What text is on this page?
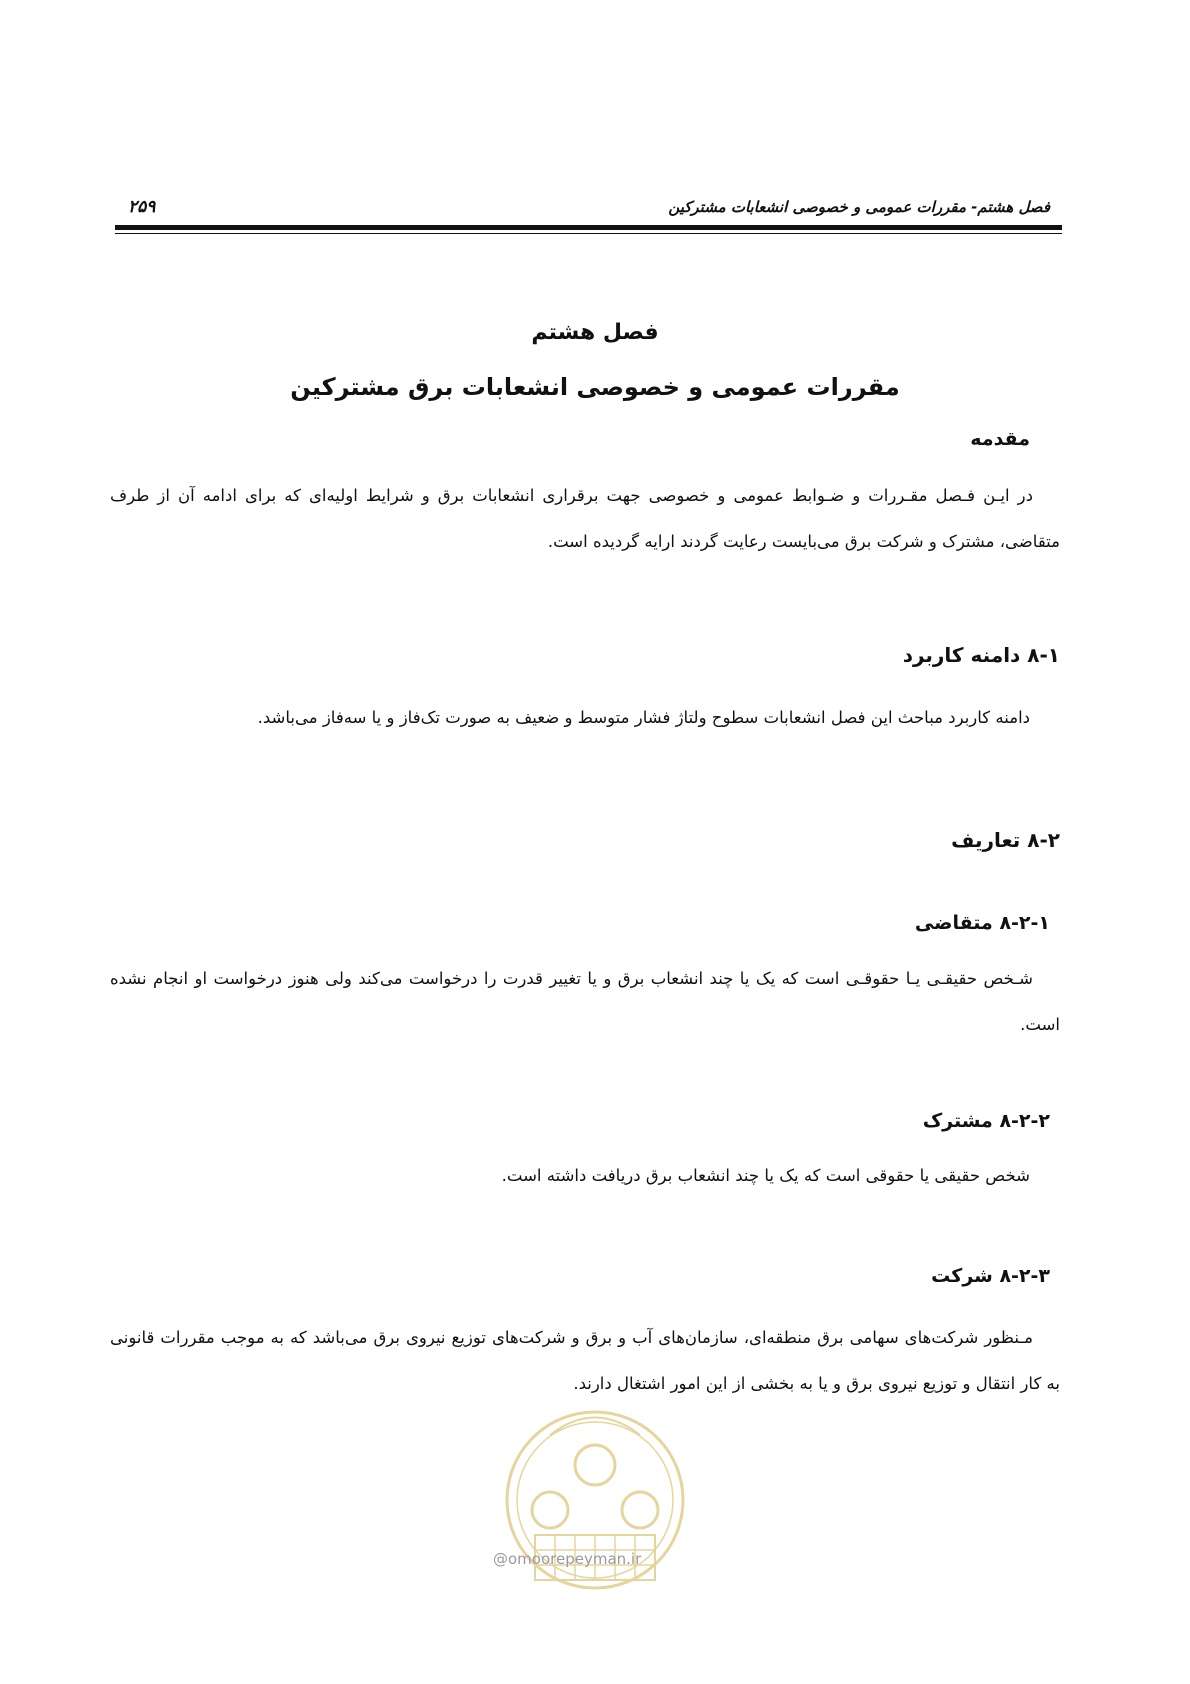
فصل هشتم- مقررات عمومی و خصوصی انشعابات مشترکین
۲۵۹
فصل هشتم
مقررات عمومی و خصوصی انشعابات برق مشترکین
مقدمه
در ایـن فـصل مقـررات و ضـوابط عمومی و خصوصی جهت برقراری انشعابات برق و شرایط اولیه‌ای که برای ادامه آن از طرف متقاضی، مشترک و شرکت برق می‌بایست رعایت گردند ارایه گردیده است.
۸-۱ دامنه کاربرد
دامنه کاربرد مباحث این فصل انشعابات سطوح ولتاژ فشار متوسط و ضعیف به صورت تک‌فاز و یا سه‌فاز می‌باشد.
۸-۲ تعاریف
۸-۲-۱ متقاضی
شـخص حقیقـی یـا حقوقـی است که یک یا چند انشعاب برق و یا تغییر قدرت را درخواست می‌کند ولی هنوز درخواست او انجام نشده است.
۸-۲-۲ مشترک
شخص حقیقی یا حقوقی است که یک یا چند انشعاب برق دریافت داشته است.
۸-۲-۳ شرکت
مـنظور شرکت‌های سهامی برق منطقه‌ای، سازمان‌های آب و برق و شرکت‌های توزیع نیروی برق می‌باشد که به موجب مقررات قانونی به کار انتقال و توزیع نیروی برق و یا به بخشی از این امور اشتغال دارند.
@omoorepeyman.ir
